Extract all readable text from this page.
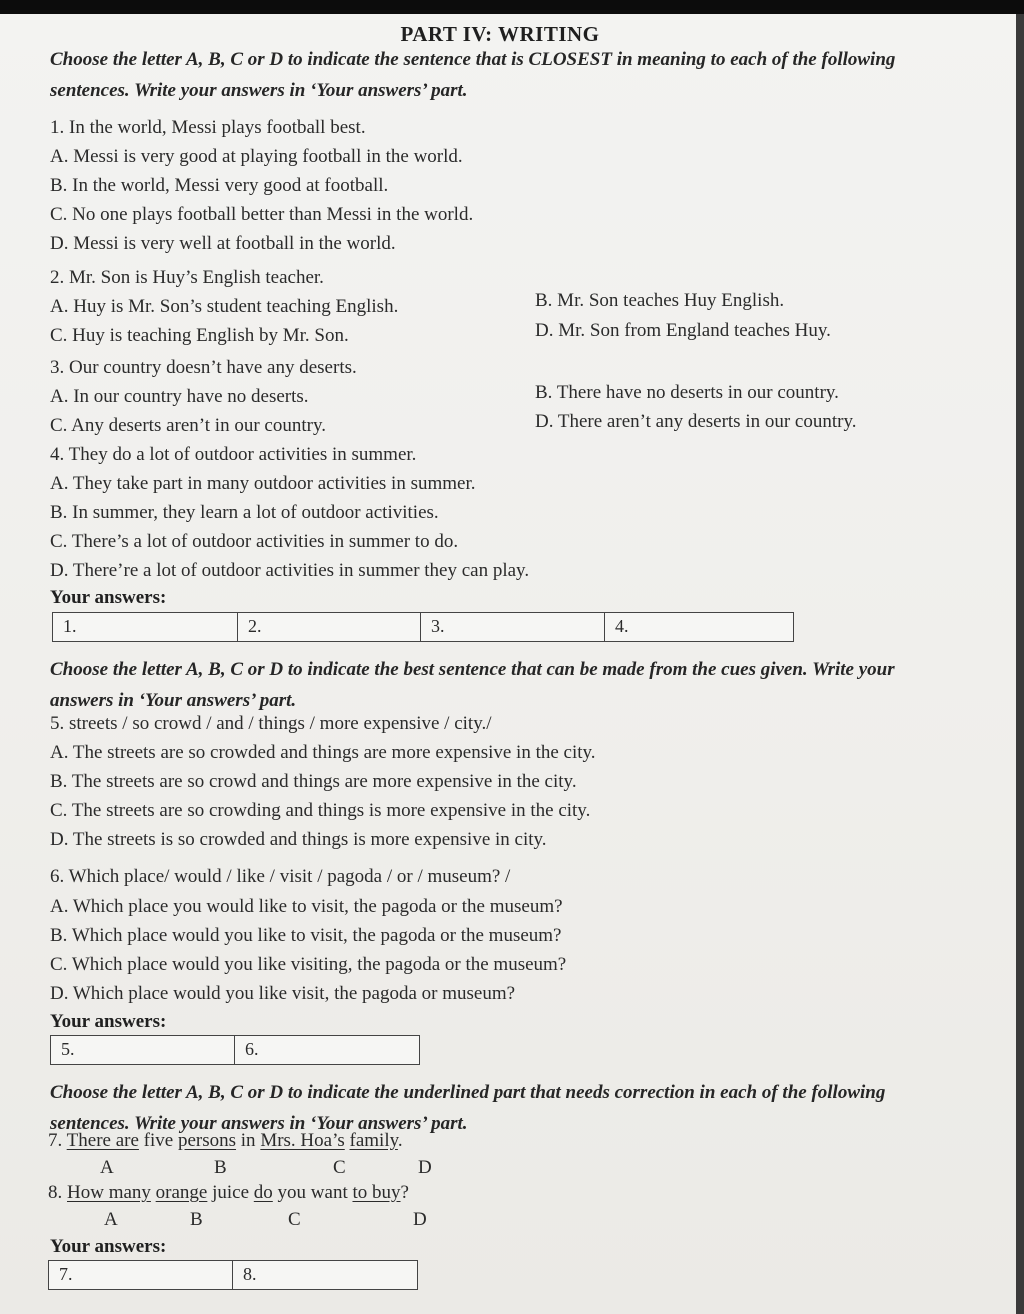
PART IV: WRITING
Choose the letter A, B, C or D to indicate the sentence that is CLOSEST in meaning to each of the following sentences. Write your answers in ‘Your answers’ part.
1. In the world, Messi plays football best.
A. Messi is very good at playing football in the world.
B. In the world, Messi very good at football.
C. No one plays football better than Messi in the world.
D. Messi is very well at football in the world.
2. Mr. Son is Huy’s English teacher.
A. Huy is Mr. Son’s student teaching English.	B. Mr. Son teaches Huy English.
C. Huy is teaching English by Mr. Son.	D. Mr. Son from England teaches Huy.
3. Our country doesn’t have any deserts.
A. In our country have no deserts.	B. There have no deserts in our country.
C. Any deserts aren’t in our country.	D. There aren’t any deserts in our country.
4. They do a lot of outdoor activities in summer.
A. They take part in many outdoor activities in summer.
B. In summer, they learn a lot of outdoor activities.
C. There’s a lot of outdoor activities in summer to do.
D. There’re a lot of outdoor activities in summer they can play.
Your answers:
1.	2.	3.	4.
Choose the letter A, B, C or D to indicate the best sentence that can be made from the cues given. Write your answers in ‘Your answers’ part.
5. streets / so crowd / and / things / more expensive / city./
A. The streets are so crowded and things are more expensive in the city.
B. The streets are so crowd and things are more expensive in the city.
C. The streets are so crowding and things is more expensive in the city.
D. The streets is so crowded and things is more expensive in city.
6. Which place/ would / like / visit / pagoda / or / museum? /
A. Which place you would like to visit, the pagoda or the museum?
B. Which place would you like to visit, the pagoda or the museum?
C. Which place would you like visiting, the pagoda or the museum?
D. Which place would you like visit, the pagoda or museum?
Your answers:
5.	6.
Choose the letter A, B, C or D to indicate the underlined part that needs correction in each of the following sentences. Write your answers in ‘Your answers’ part.
7. There are five persons in Mrs. Hoa’s family.
A	B	C	D
8. How many orange juice do you want to buy?
A	B	C	D
Your answers:
7.	8.
